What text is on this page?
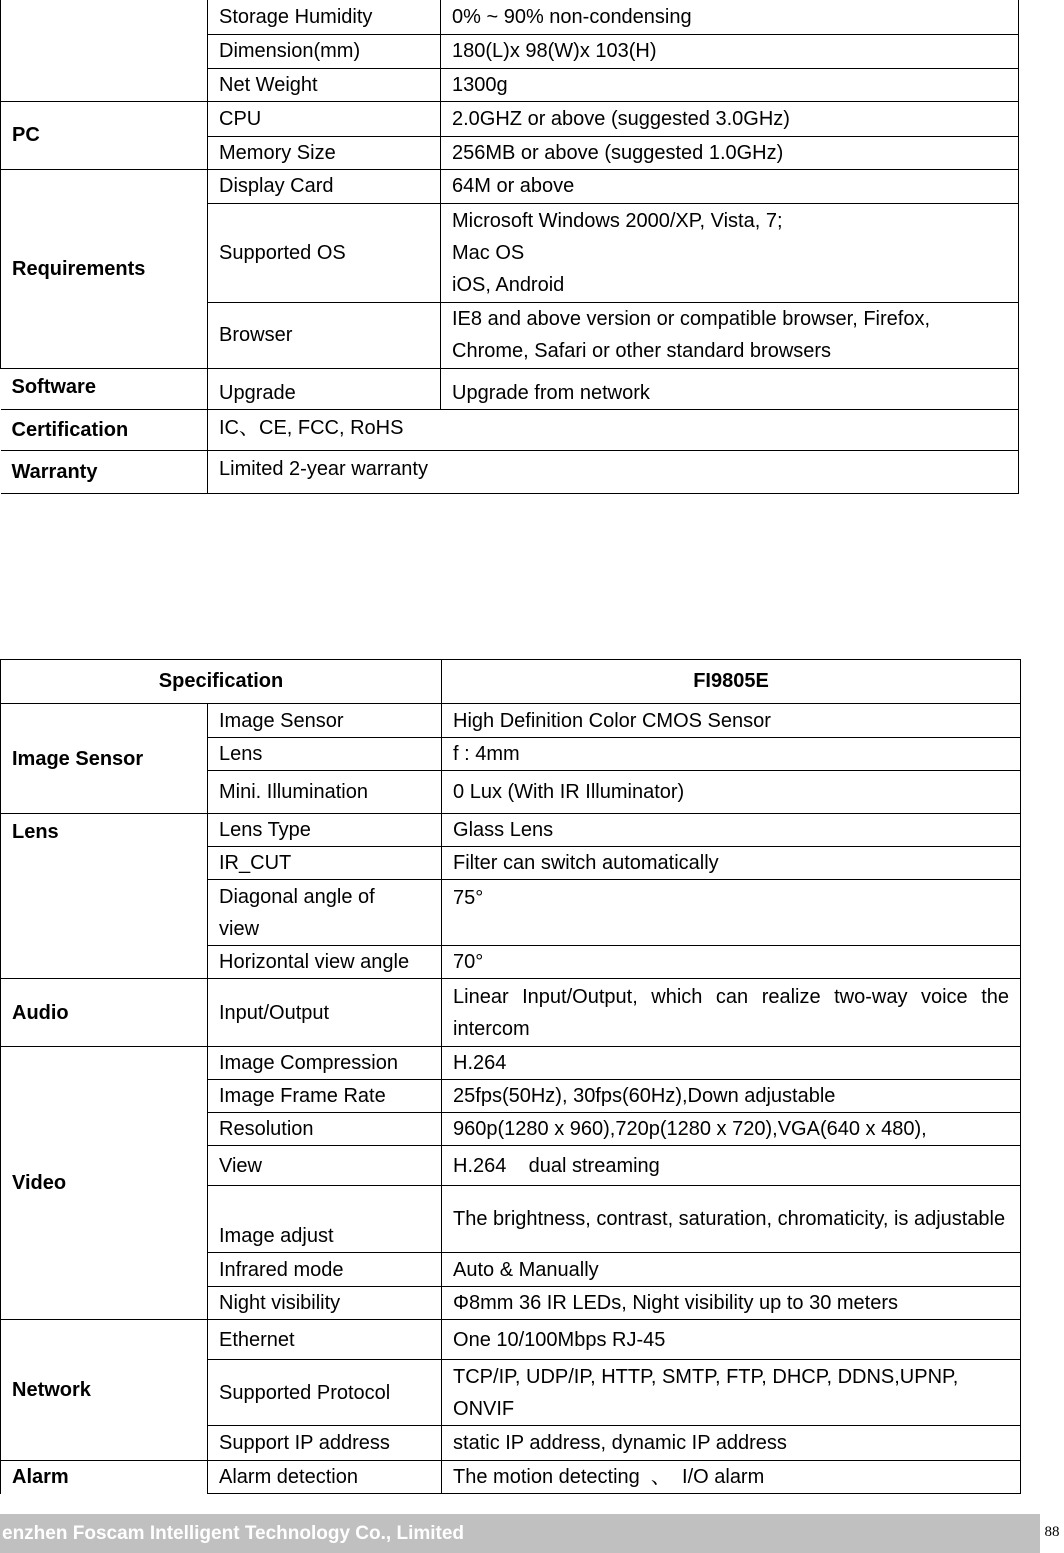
	Storage Humidity	0% ~ 90% non-condensing
	Dimension(mm)	180(L)x 98(W)x 103(H)
	Net Weight	1300g
PC	CPU	2.0GHZ or above (suggested 3.0GHz)
	Memory Size	256MB or above (suggested 1.0GHz)
Requirements	Display Card	64M or above
	Supported OS	Microsoft Windows 2000/XP, Vista, 7;
Mac OS
iOS, Android

	Browser	IE8 and above version or compatible browser, Firefox,
Chrome, Safari or other standard browsers

Software	Upgrade	Upgrade from network
Certification	IC、CE, FCC, RoHS	
Warranty	Limited 2-year warranty	
Specification		FI9805E
Image Sensor	Image Sensor	High Definition Color CMOS Sensor
	Lens	f : 4mm
	Mini. Illumination	0 Lux (With IR Illuminator)
Lens	Lens Type	Glass Lens
	IR_CUT	Filter can switch automatically

	Diagonal angle of
view	75°
	Horizontal view angle	70°
Audio	Input/Output	Linear Input/Output, which can realize two-way voice the intercom
Video	Image Compression	H.264
	Image Frame Rate	25fps(50Hz), 30fps(60Hz),Down adjustable
	Resolution	960p(1280 x 960),720p(1280 x 720),VGA(640 x 480),
	View	H.264    dual streaming
	Image adjust	The brightness, contrast, saturation, chromaticity, is adjustable
	Infrared mode	Auto & Manually
	Night visibility	Φ8mm 36 IR LEDs, Night visibility up to 30 meters
Network	Ethernet	One 10/100Mbps RJ-45
	Supported Protocol	TCP/IP, UDP/IP, HTTP, SMTP, FTP, DHCP, DDNS,UPNP, ONVIF
	Support IP address	static IP address, dynamic IP address
Alarm	Alarm detection	The motion detecting  、  I/O alarm
enzhen Foscam Intelligent Technology Co., Limited	88
